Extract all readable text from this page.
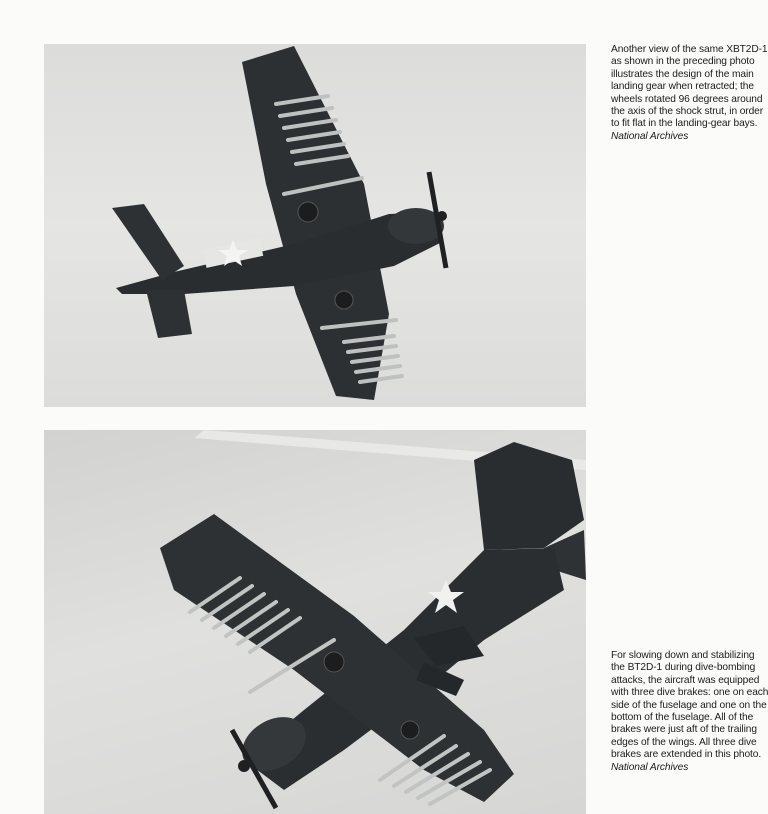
Another view of the same XBT2D-1 as shown in the preceding photo illustrates the design of the main landing gear when retracted; the wheels rotated 96 degrees around the axis of the shock strut, in order to fit flat in the landing-gear bays. National Archives
For slowing down and stabilizing the BT2D-1 during dive-bombing attacks, the aircraft was equipped with three dive brakes: one on each side of the fuselage and one on the bottom of the fuselage. All of the brakes were just aft of the trailing edges of the wings. All three dive brakes are extended in this photo. National Archives
